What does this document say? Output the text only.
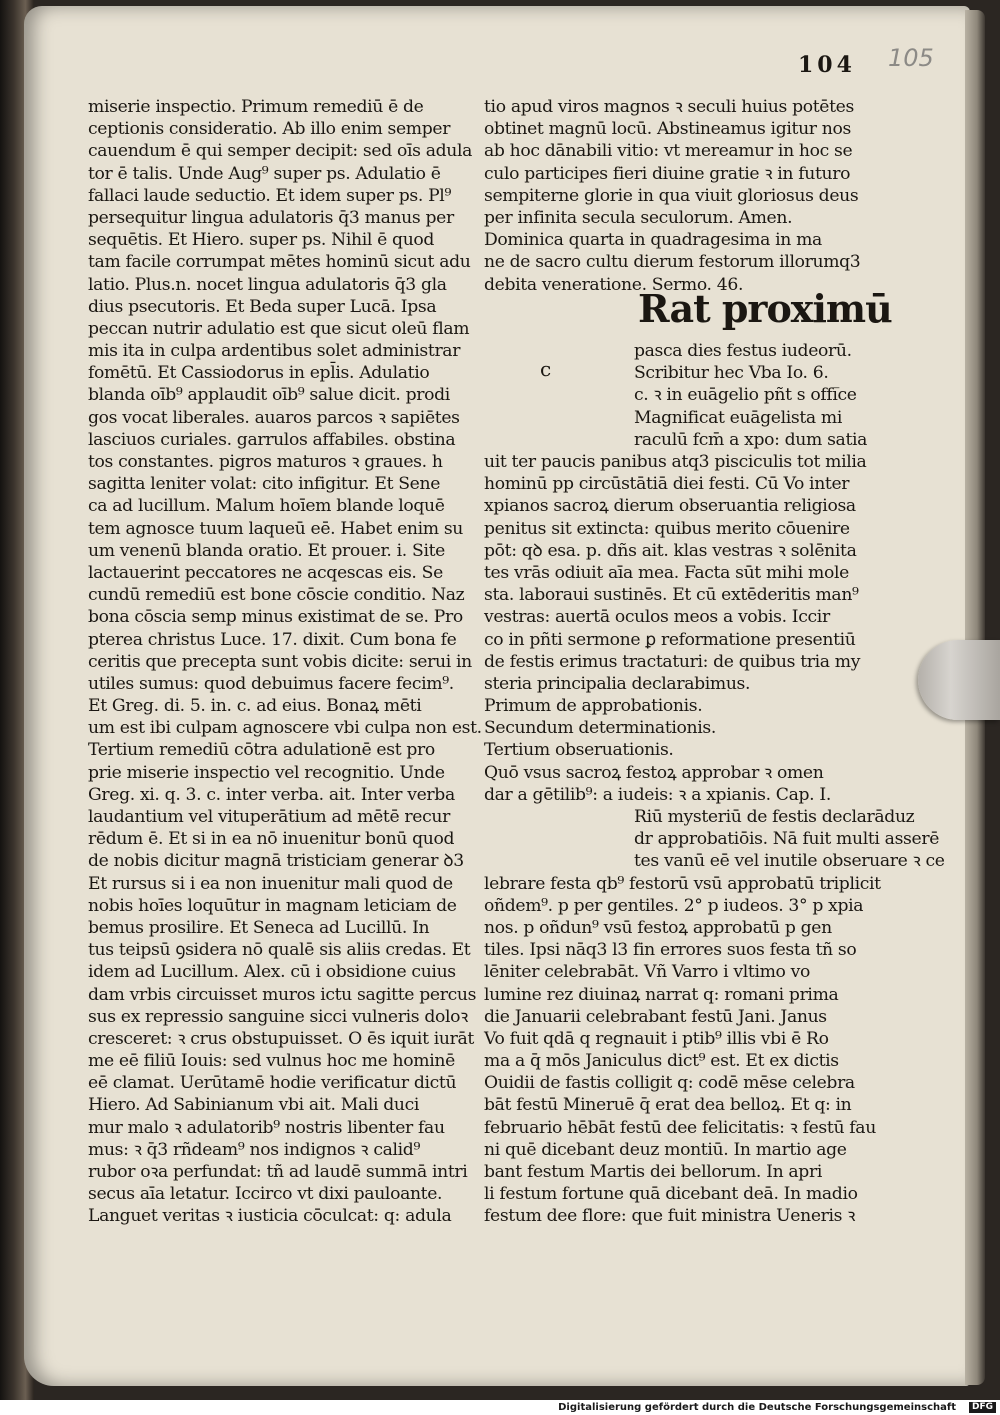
104 105
miserie inspectio. Primum remediū ē de
ceptionis consideratio. Ab illo enim semper
cauendum ē qui semper decipit: sed oīs adula
tor ē talis. Unde Aug⁹ super ps. Adulatio ē
fallaci laude seductio. Et idem super ps. Pl⁹
persequitur lingua adulatoris q̄3 manus per
sequētis. Et Hiero. super ps. Nihil ē quod
tam facile corrumpat mētes hominū sicut adu
latio. Plus.n. nocet lingua adulatoris q̄3 gla
dius psecutoris. Et Beda super Lucā. Ipsa
peccan nutrir adulatio est que sicut oleū flam
mis ita in culpa ardentibus solet administrar
fomētū. Et Cassiodorus in epl̄is. Adulatio
blanda oīb⁹ applaudit oīb⁹ salue dicit. prodi
gos vocat liberales. auaros parcos ꝛ sapiētes
lasciuos curiales. garrulos affabiles. obstina
tos constantes. pigros maturos ꝛ graues. h
sagitta leniter volat: cito infigitur. Et Sene
ca ad lucillum. Malum hoīem blande loquē
tem agnosce tuum laqueū eē. Habet enim su
um venenū blanda oratio. Et prouer. i. Site
lactauerint peccatores ne acqescas eis. Se
cundū remediū est bone cōscie conditio. Naz
bona cōscia semp minus existimat de se. Pro
pterea christus Luce. 17. dixit. Cum bona fe
ceritis que precepta sunt vobis dicite: serui in
utiles sumus: quod debuimus facere fecim⁹.
Et Greg. di. 5. in. c. ad eius. Bonaꝝ mēti
um est ibi culpam agnoscere vbi culpa non est.
Tertium remediū cōtra adulationē est pro
prie miserie inspectio vel recognitio. Unde
Greg. xi. q. 3. c. inter verba. ait. Inter verba
laudantium vel vituperātium ad mētē recur
rēdum ē. Et si in ea nō inuenitur bonū quod
de nobis dicitur magnā tristiciam generar ꝺ3
Et rursus si i ea non inuenitur mali quod de
nobis hoīes loquūtur in magnam leticiam de
bemus prosilire. Et Seneca ad Lucillū. In
tus teipsū ꝯsidera nō qualē sis aliis credas. Et
idem ad Lucillum. Alex. cū i obsidione cuius
dam vrbis circuisset muros ictu sagitte percus
sus ex repressio sanguine sicci vulneris doloꝛ
cresceret: ꝛ crus obstupuisset. O ēs iquit iurāt
me eē filiū Iouis: sed vulnus hoc me hominē
eē clamat. Uerūtamē hodie verificatur dictū
Hiero. Ad Sabinianum vbi ait. Mali duci
mur malo ꝛ adulatorib⁹ nostris libenter fau
mus: ꝛ q̄3 rñdeam⁹ nos indignos ꝛ calid⁹
rubor oꝛa perfundat: tñ ad laudē summā intri
secus aīa letatur. Iccirco vt dixi pauloante.
Languet veritas ꝛ iusticia cōculcat: q: adula
tio apud viros magnos ꝛ seculi huius potētes
obtinet magnū locū. Abstineamus igitur nos
ab hoc dānabili vitio: vt mereamur in hoc se
culo participes fieri diuine gratie ꝛ in futuro
sempiterne glorie in qua viuit gloriosus deus
per infinita secula seculorum. Amen.
Dominica quarta in quadragesima in ma
ne de sacro cultu dierum festorum illorumq3
debita veneratione. Sermo. 46.
pasca dies festus iudeorū.
Scribitur hec Vba Io. 6.
c. ꝛ in euāgelio pñt s offi̅ce
Magnificat euāgelista mi
raculū fcm̄ a xpo: dum satia
uit ter paucis panibus atq3 pisciculis tot milia
hominū pp circūstātiā diei festi. Cū Vo inter
xpianos sacroꝝ dierum obseruantia religiosa
penitus sit extincta: quibus merito cōuenire
pōt: qꝺ esa. p. dñs ait. klas vestras ꝛ solēnita
tes vrās odiuit aīa mea. Facta sūt mihi mole
sta. laboraui sustinēs. Et cū extēderitis man⁹
vestras: auertā oculos meos a vobis. Iccir
co in pñti sermone ꝑ reformatione presentiū
de festis erimus tractaturi: de quibus tria my
steria principalia declarabimus.
Primum de approbationis.
Secundum determinationis.
Tertium obseruationis.
Quō vsus sacroꝝ festoꝝ approbar ꝛ omen
dar a gētilib⁹: a iudeis: ꝛ a xpianis. Cap. I.
Riū mysteriū de festis declarāduz
dr approbatiōis. Nā fuit multi asserē
tes vanū eē vel inutile obseruare ꝛ ce
lebrare festa qb⁹ festorū vsū approbatū triplicit
oñdem⁹. p per gentiles. 2° p iudeos. 3° p xpia
nos. p oñdun⁹ vsū festoꝝ approbatū p gen
tiles. Ipsi nāq3 l3 fin errores suos festa tñ so
lēniter celebrabāt. Vñ Varro i vltimo vo
lumine rez diuinaꝝ narrat q: romani prima
die Januarii celebrabant festū Jani. Janus
Vo fuit qdā q regnauit i ptib⁹ illis vbi ē Ro
ma a q̄ mōs Janiculus dict⁹ est. Et ex dictis
Ouidii de fastis colligit q: codē mēse celebra
bāt festū Mineruē q̄ erat dea belloꝝ. Et q: in
februario hēbāt festū dee felicitatis: ꝛ festū fau
ni quē dicebant deuz montiū. In martio age
bant festum Martis dei bellorum. In apri
li festum fortune quā dicebant deā. In madio
festum dee flore: que fuit ministra Ueneris ꝛ
Rat proximū
c
Digitalisierung gefördert durch die Deutsche Forschungsgemeinschaft	DFG
